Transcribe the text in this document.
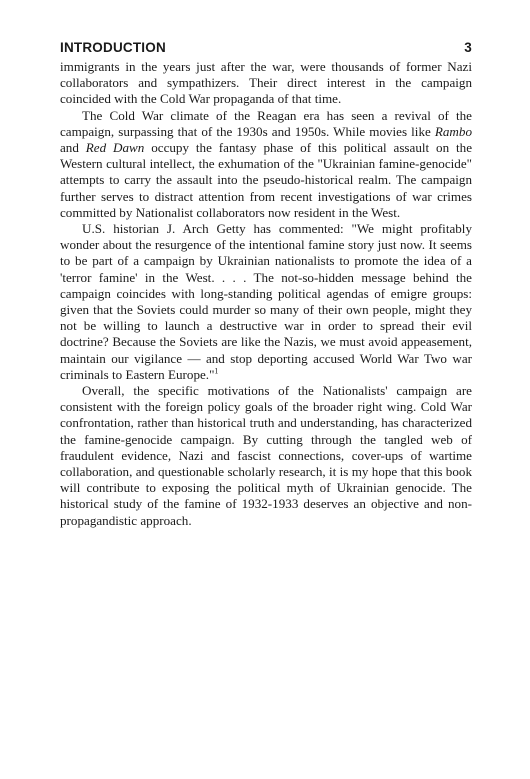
INTRODUCTION	3

immigrants in the years just after the war, were thousands of former Nazi collaborators and sympathizers. Their direct interest in the campaign coincided with the Cold War propaganda of that time.

The Cold War climate of the Reagan era has seen a revival of the campaign, surpassing that of the 1930s and 1950s. While movies like Rambo and Red Dawn occupy the fantasy phase of this political assault on the Western cultural intellect, the exhumation of the "Ukrainian famine-genocide" attempts to carry the assault into the pseudo-historical realm. The campaign further serves to distract attention from recent investigations of war crimes committed by Nationalist collaborators now resident in the West.

U.S. historian J. Arch Getty has commented: "We might profitably wonder about the resurgence of the intentional famine story just now. It seems to be part of a campaign by Ukrainian nationalists to promote the idea of a 'terror famine' in the West. . . . The not-so-hidden message behind the campaign coincides with long-standing political agendas of emigre groups: given that the Soviets could murder so many of their own people, might they not be willing to launch a destructive war in order to spread their evil doctrine? Because the Soviets are like the Nazis, we must avoid appeasement, maintain our vigilance — and stop deporting accused World War Two war criminals to Eastern Europe."$^1$

Overall, the specific motivations of the Nationalists' campaign are consistent with the foreign policy goals of the broader right wing. Cold War confrontation, rather than historical truth and understanding, has characterized the famine-genocide campaign. By cutting through the tangled web of fraudulent evidence, Nazi and fascist connections, cover-ups of wartime collaboration, and questionable scholarly research, it is my hope that this book will contribute to exposing the political myth of Ukrainian genocide. The historical study of the famine of 1932-1933 deserves an objective and non-propagandistic approach.
